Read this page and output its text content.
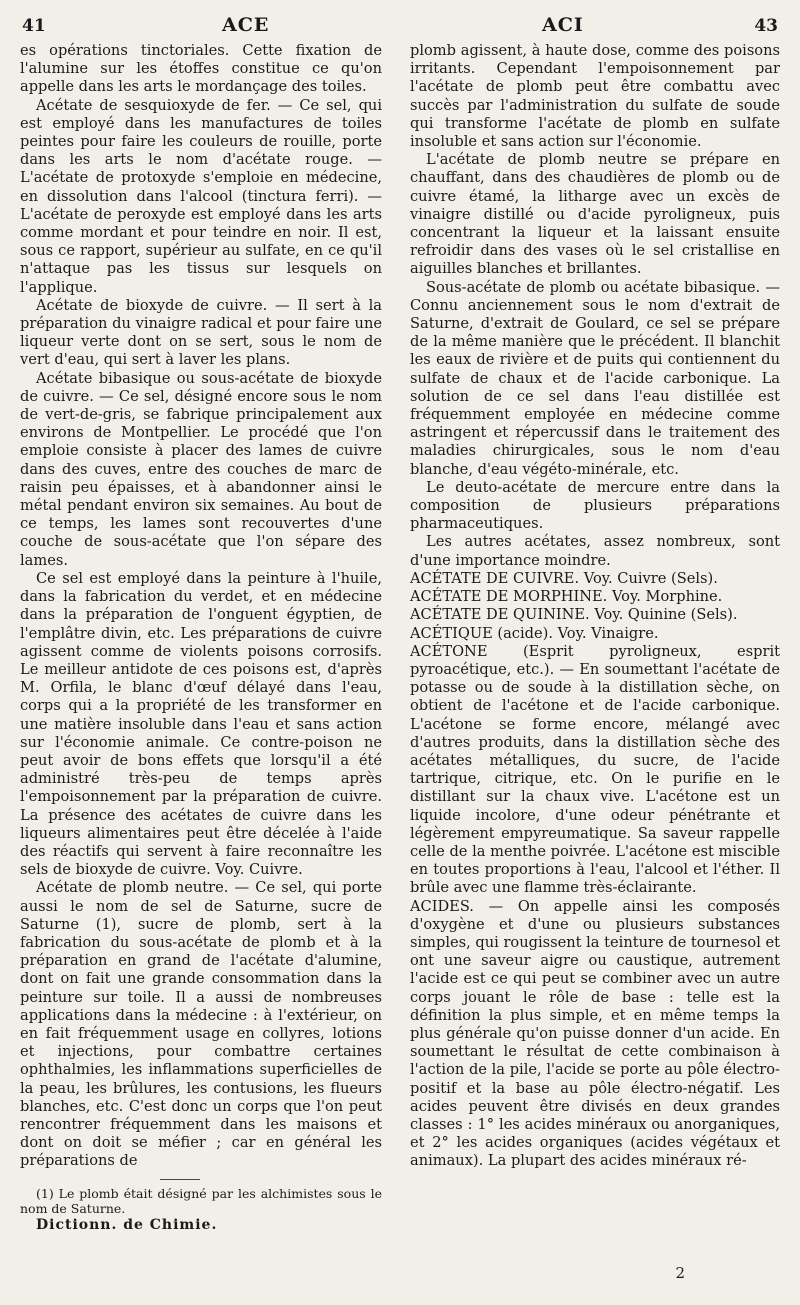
41	ACE	ACI	43

es opérations tinctoriales. Cette fixation de l'alumine sur les étoffes constitue ce qu'on appelle dans les arts le mordançage des toiles.

Acétate de sesquioxyde de fer. — Ce sel, qui est employé dans les manufactures de toiles peintes pour faire les couleurs de rouille, porte dans les arts le nom d'acétate rouge. — L'acétate de protoxyde s'emploie en médecine, en dissolution dans l'alcool (tinctura ferri). — L'acétate de peroxyde est employé dans les arts comme mordant et pour teindre en noir. Il est, sous ce rapport, supérieur au sulfate, en ce qu'il n'attaque pas les tissus sur lesquels on l'applique.

Acétate de bioxyde de cuivre. — Il sert à la préparation du vinaigre radical et pour faire une liqueur verte dont on se sert, sous le nom de vert d'eau, qui sert à laver les plans.

Acétate bibasique ou sous-acétate de bioxyde de cuivre. — Ce sel, désigné encore sous le nom de vert-de-gris, se fabrique principalement aux environs de Montpellier. Le procédé que l'on emploie consiste à placer des lames de cuivre dans des cuves, entre des couches de marc de raisin peu épaisses, et à abandonner ainsi le métal pendant environ six semaines. Au bout de ce temps, les lames sont recouvertes d'une couche de sous-acétate que l'on sépare des lames.

Ce sel est employé dans la peinture à l'huile, dans la fabrication du verdet, et en médecine dans la préparation de l'onguent égyptien, de l'emplâtre divin, etc. Les préparations de cuivre agissent comme de violents poisons corrosifs. Le meilleur antidote de ces poisons est, d'après M. Orfila, le blanc d'œuf délayé dans l'eau, corps qui a la propriété de les transformer en une matière insoluble dans l'eau et sans action sur l'économie animale. Ce contre-poison ne peut avoir de bons effets que lorsqu'il a été administré très-peu de temps après l'empoisonnement par la préparation de cuivre. La présence des acétates de cuivre dans les liqueurs alimentaires peut être décelée à l'aide des réactifs qui servent à faire reconnaître les sels de bioxyde de cuivre. Voy. Cuivre.

Acétate de plomb neutre. — Ce sel, qui porte aussi le nom de sel de Saturne, sucre de Saturne (1), sucre de plomb, sert à la fabrication du sous-acétate de plomb et à la préparation en grand de l'acétate d'alumine, dont on fait une grande consommation dans la peinture sur toile. Il a aussi de nombreuses applications dans la médecine : à l'extérieur, on en fait fréquemment usage en collyres, lotions et injections, pour combattre certaines ophthalmies, les inflammations superficielles de la peau, les brûlures, les contusions, les flueurs blanches, etc. C'est donc un corps que l'on peut rencontrer fréquemment dans les maisons et dont on doit se méfier ; car en général les préparations de

(1) Le plomb était désigné par les alchimistes sous le nom de Saturne.

Dictionn. de Chimie.

plomb agissent, à haute dose, comme des poisons irritants. Cependant l'empoisonnement par l'acétate de plomb peut être combattu avec succès par l'administration du sulfate de soude qui transforme l'acétate de plomb en sulfate insoluble et sans action sur l'économie.

L'acétate de plomb neutre se prépare en chauffant, dans des chaudières de plomb ou de cuivre étamé, la litharge avec un excès de vinaigre distillé ou d'acide pyroligneux, puis concentrant la liqueur et la laissant ensuite refroidir dans des vases où le sel cristallise en aiguilles blanches et brillantes.

Sous-acétate de plomb ou acétate bibasique. — Connu anciennement sous le nom d'extrait de Saturne, d'extrait de Goulard, ce sel se prépare de la même manière que le précédent. Il blanchit les eaux de rivière et de puits qui contiennent du sulfate de chaux et de l'acide carbonique. La solution de ce sel dans l'eau distillée est fréquemment employée en médecine comme astringent et répercussif dans le traitement des maladies chirurgicales, sous le nom d'eau blanche, d'eau végéto-minérale, etc.

Le deuto-acétate de mercure entre dans la composition de plusieurs préparations pharmaceutiques.

Les autres acétates, assez nombreux, sont d'une importance moindre.

ACÉTATE DE CUIVRE. Voy. Cuivre (Sels).

ACÉTATE DE MORPHINE. Voy. Morphine.

ACÉTATE DE QUININE. Voy. Quinine (Sels).

ACÉTIQUE (acide). Voy. Vinaigre.

ACÉTONE (Esprit pyroligneux, esprit pyroacétique, etc.). — En soumettant l'acétate de potasse ou de soude à la distillation sèche, on obtient de l'acétone et de l'acide carbonique. L'acétone se forme encore, mélangé avec d'autres produits, dans la distillation sèche des acétates métalliques, du sucre, de l'acide tartrique, citrique, etc. On le purifie en le distillant sur la chaux vive. L'acétone est un liquide incolore, d'une odeur pénétrante et légèrement empyreumatique. Sa saveur rappelle celle de la menthe poivrée. L'acétone est miscible en toutes proportions à l'eau, l'alcool et l'éther. Il brûle avec une flamme très-éclairante.

ACIDES. — On appelle ainsi les composés d'oxygène et d'une ou plusieurs substances simples, qui rougissent la teinture de tournesol et ont une saveur aigre ou caustique, autrement l'acide est ce qui peut se combiner avec un autre corps jouant le rôle de base : telle est la définition la plus simple, et en même temps la plus générale qu'on puisse donner d'un acide. En soumettant le résultat de cette combinaison à l'action de la pile, l'acide se porte au pôle électro-positif et la base au pôle électro-négatif. Les acides peuvent être divisés en deux grandes classes : 1° les acides minéraux ou anorganiques, et 2° les acides organiques (acides végétaux et animaux). La plupart des acides minéraux ré-

2
